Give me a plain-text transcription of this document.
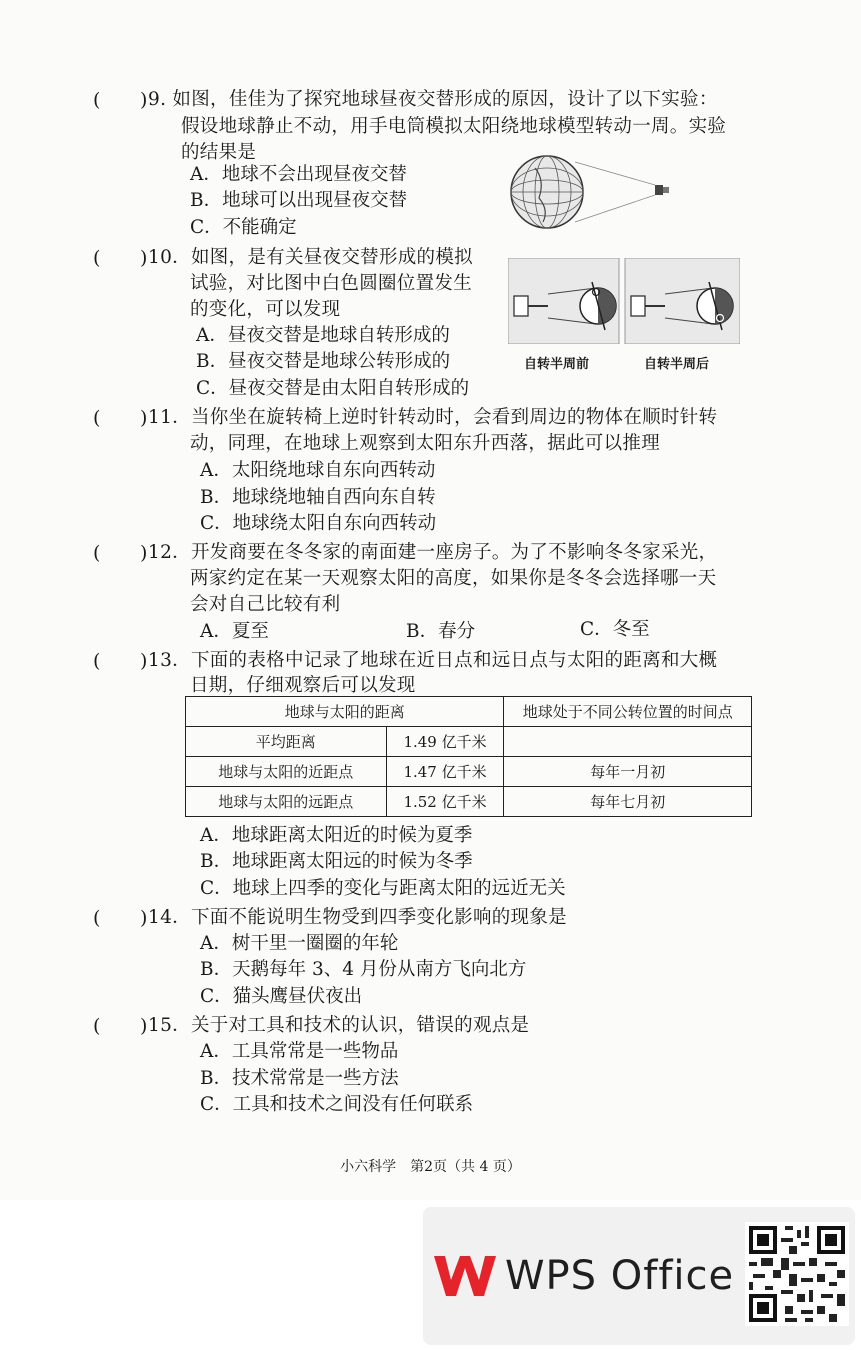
( ) 9. 如图，佳佳为了探究地球昼夜交替形成的原因，设计了以下实验：
假设地球静止不动，用手电筒模拟太阳绕地球模型转动一周。实验
的结果是
A．地球不会出现昼夜交替
B．地球可以出现昼夜交替
C．不能确定
( ) 10．如图，是有关昼夜交替形成的模拟
试验，对比图中白色圆圈位置发生
的变化，可以发现
A．昼夜交替是地球自转形成的
B．昼夜交替是地球公转形成的
C．昼夜交替是由太阳自转形成的
自转半周前	自转半周后
( ) 11．当你坐在旋转椅上逆时针转动时，会看到周边的物体在顺时针转
动，同理，在地球上观察到太阳东升西落，据此可以推理
A．太阳绕地球自东向西转动
B．地球绕地轴自西向东自转
C．地球绕太阳自东向西转动
( ) 12．开发商要在冬冬家的南面建一座房子。为了不影响冬冬家采光，
两家约定在某一天观察太阳的高度，如果你是冬冬会选择哪一天
会对自己比较有利
A．夏至	B．春分	C．冬至
( ) 13．下面的表格中记录了地球在近日点和远日点与太阳的距离和大概
日期，仔细观察后可以发现
地球与太阳的距离		地球处于不同公转位置的时间点
平均距离	1.49 亿千米	
地球与太阳的近距点	1.47 亿千米	每年一月初
地球与太阳的远距点	1.52 亿千米	每年七月初
A．地球距离太阳近的时候为夏季
B．地球距离太阳远的时候为冬季
C．地球上四季的变化与距离太阳的远近无关
( ) 14．下面不能说明生物受到四季变化影响的现象是
A．树干里一圈圈的年轮
B．天鹅每年 3、4 月份从南方飞向北方
C．猫头鹰昼伏夜出
( ) 15．关于对工具和技术的认识，错误的观点是
A．工具常常是一些物品
B．技术常常是一些方法
C．工具和技术之间没有任何联系
小六科学　第2页（共 4 页）
WPS Office
